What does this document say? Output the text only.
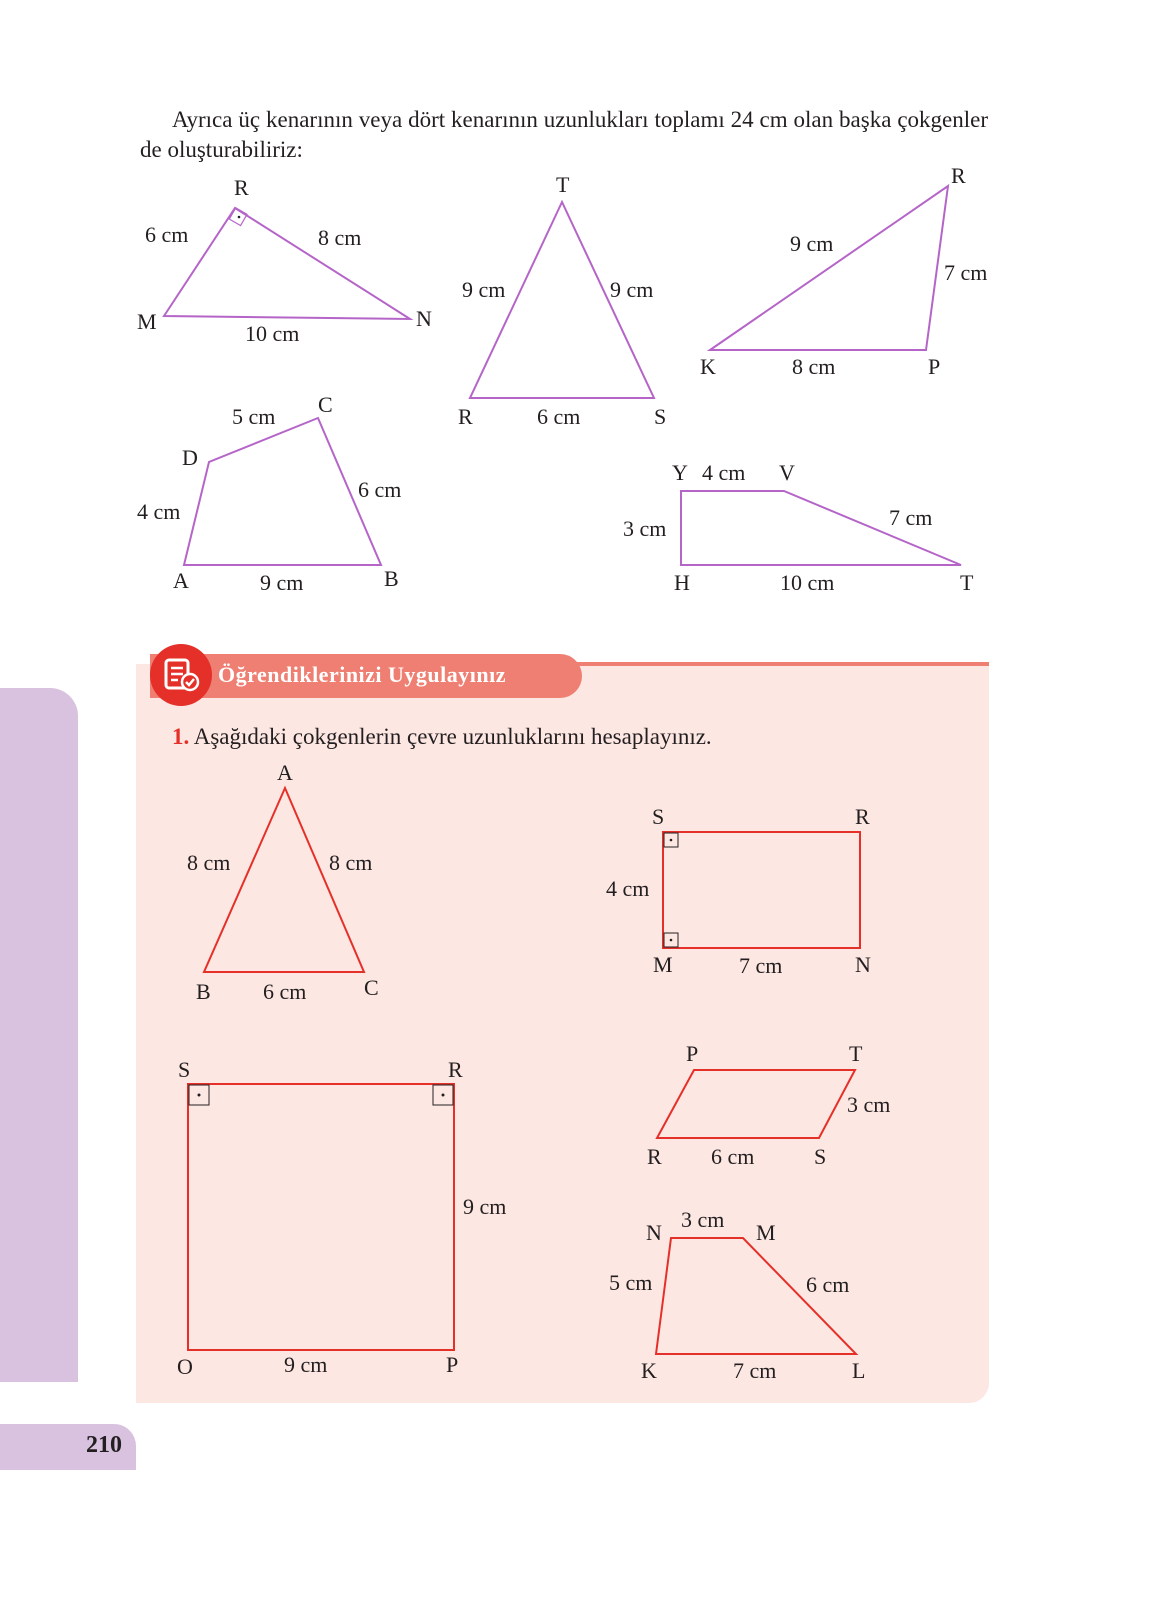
Ayrıca üç kenarının veya dört kenarının uzunlukları toplamı 24 cm olan başka çokgenler de oluşturabiliriz:

R
M	N
6 cm	8 cm
10 cm
T
R	S
9 cm	9 cm
6 cm
R
K	P
9 cm
7 cm
8 cm
A	B
C
D
5 cm
4 cm
6 cm
9 cm
Y	V
H	T
4 cm
3 cm	7 cm
10 cm
210
Öğrendiklerinizi Uygulayınız
1. Aşağıdaki çokgenlerin çevre uzunluklarını hesaplayınız.
A
B	C
8 cm	8 cm
6 cm
S	R
M	N
4 cm
7 cm
S	R
O	P
9 cm
9 cm
P	T
R	S
3 cm
6 cm
N	M
K	L
3 cm
5 cm	6 cm
7 cm
